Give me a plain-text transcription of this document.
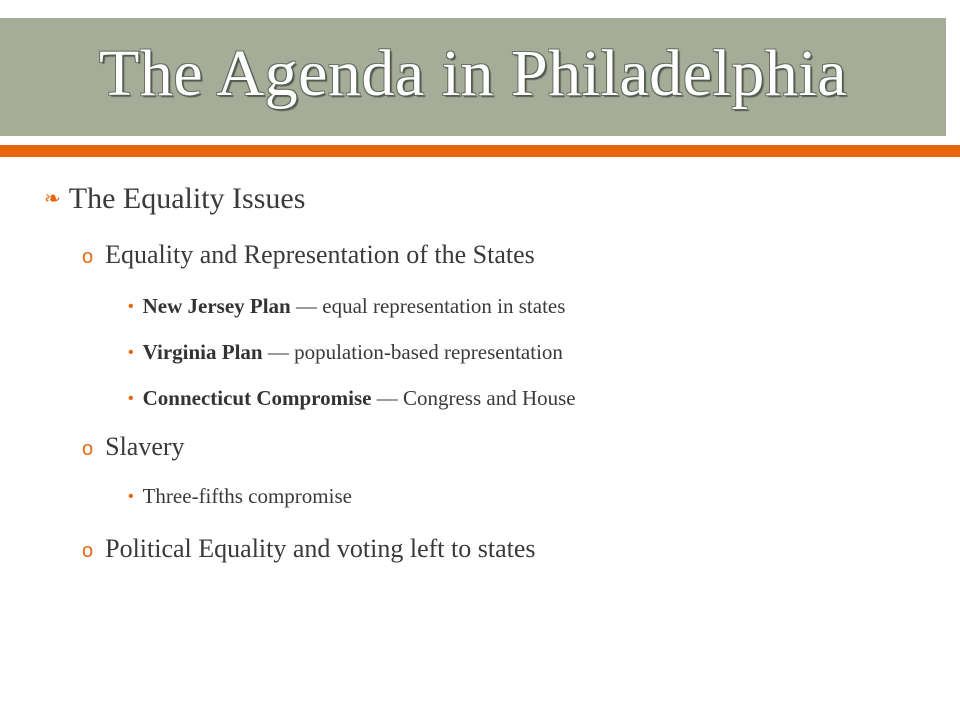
The Agenda in Philadelphia
❧ The Equality Issues
o Equality and Representation of the States
• New Jersey Plan — equal representation in states
• Virginia Plan — population-based representation
• Connecticut Compromise — Congress and House
o Slavery
• Three-fifths compromise
o Political Equality and voting left to states
